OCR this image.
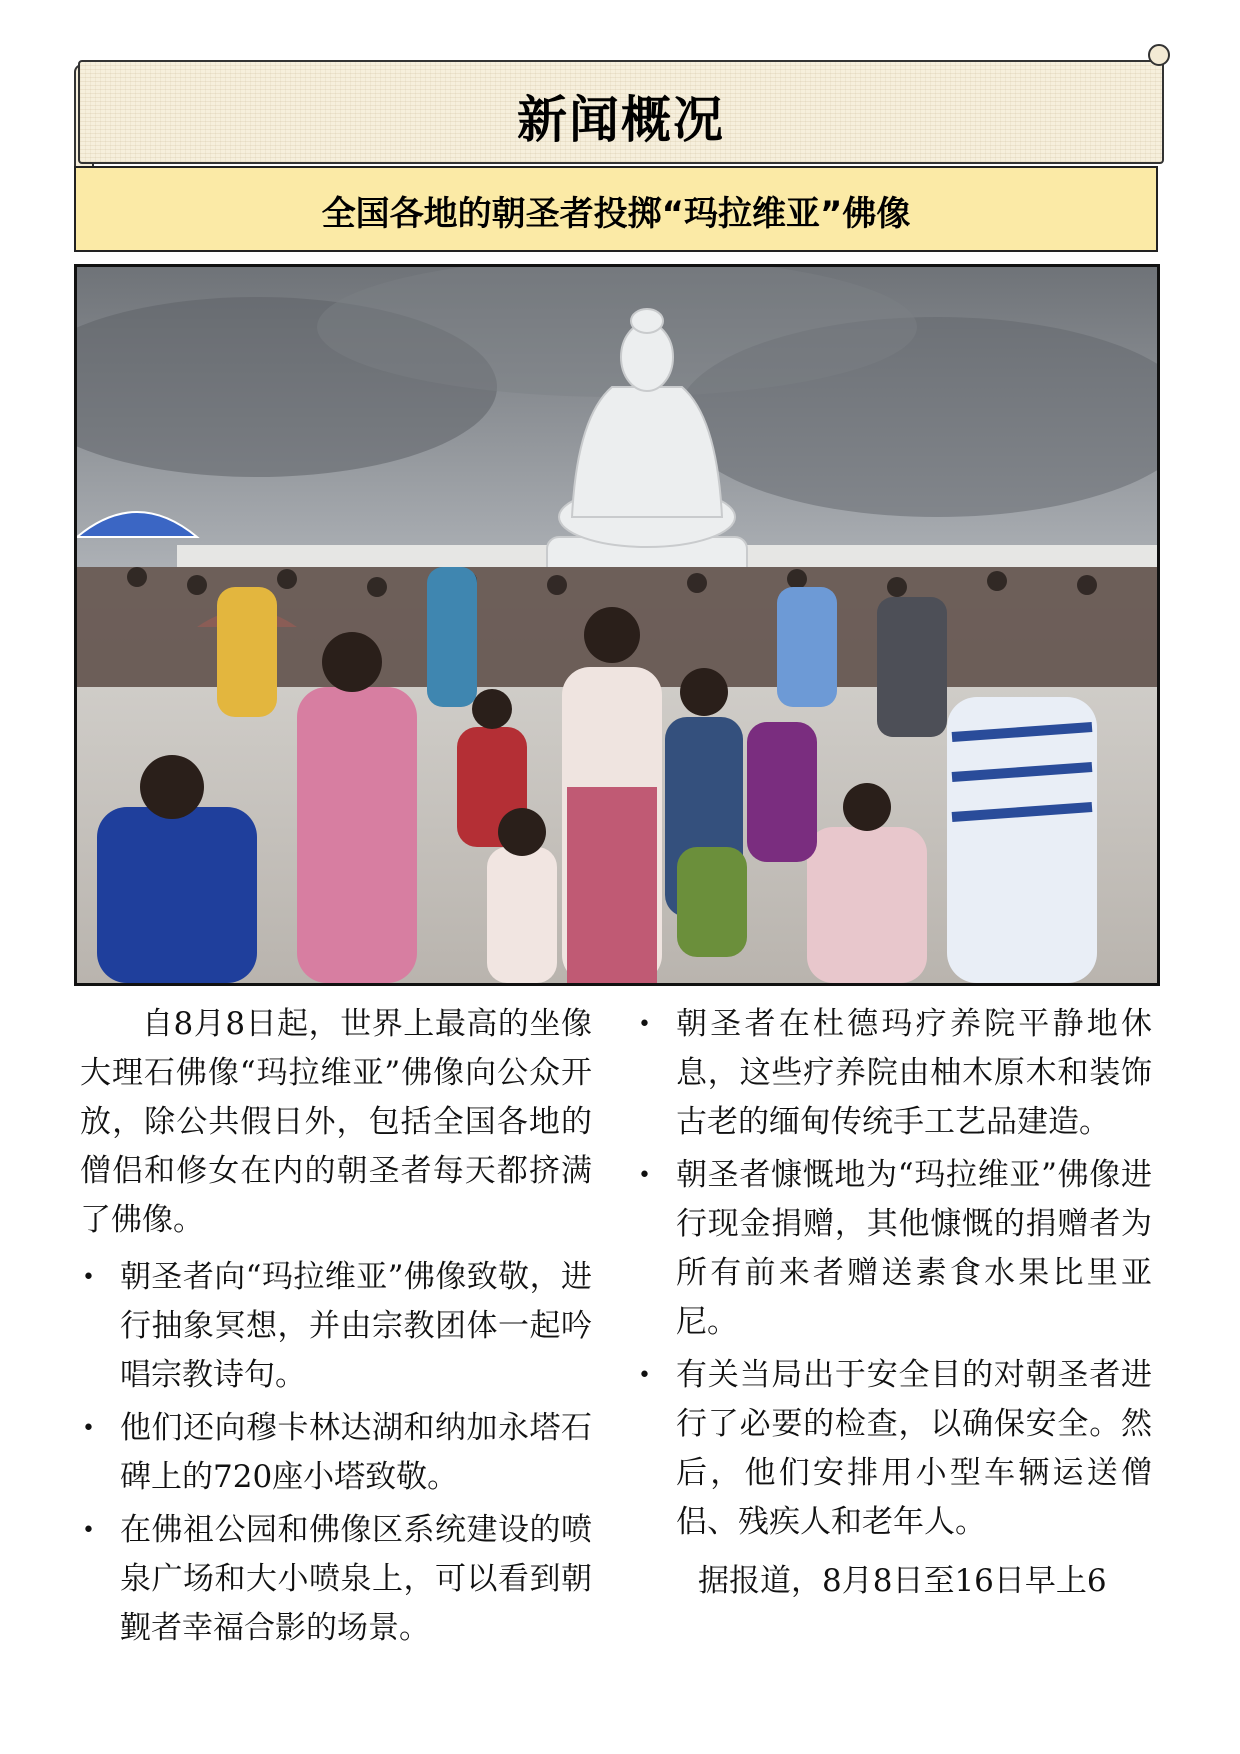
新闻概况
全国各地的朝圣者投掷“玛拉维亚”佛像

自8月8日起，世界上最高的坐像大理石佛像“玛拉维亚”佛像向公众开放，除公共假日外，包括全国各地的僧侣和修女在内的朝圣者每天都挤满了佛像。

• 朝圣者向“玛拉维亚”佛像致敬，进行抽象冥想，并由宗教团体一起吟唱宗教诗句。
• 他们还向穆卡林达湖和纳加永塔石碑上的720座小塔致敬。
• 在佛祖公园和佛像区系统建设的喷泉广场和大小喷泉上，可以看到朝觐者幸福合影的场景。
• 朝圣者在杜德玛疗养院平静地休息，这些疗养院由柚木原木和装饰古老的缅甸传统手工艺品建造。
• 朝圣者慷慨地为“玛拉维亚”佛像进行现金捐赠，其他慷慨的捐赠者为所有前来者赠送素食水果比里亚尼。
• 有关当局出于安全目的对朝圣者进行了必要的检查，以确保安全。然后，他们安排用小型车辆运送僧侣、残疾人和老年人。

据报道，8月8日至16日早上6
